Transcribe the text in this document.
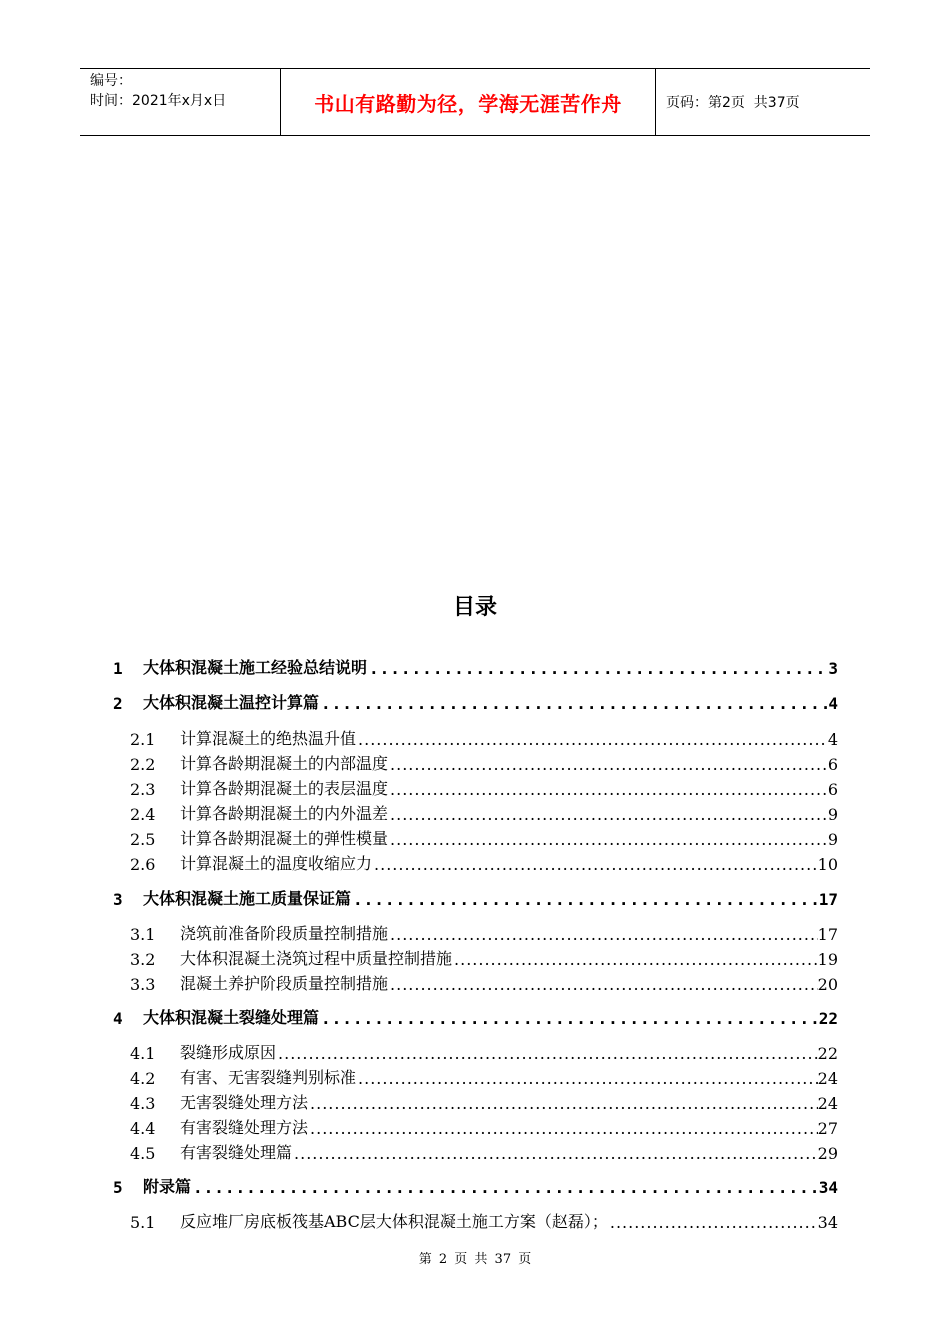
编号：
时间：2021年x月x日	书山有路勤为径，学海无涯苦作舟	页码：第2页  共37页
目录
1	大体积混凝土施工经验总结说明 .....	3
2	大体积混凝土温控计算篇 .....	4
2.1	计算混凝土的绝热温升值 .....	4
2.2	计算各龄期混凝土的内部温度 .....	6
2.3	计算各龄期混凝土的表层温度 .....	6
2.4	计算各龄期混凝土的内外温差 .....	9
2.5	计算各龄期混凝土的弹性模量 .....	9
2.6	计算混凝土的温度收缩应力 .....	10
3	大体积混凝土施工质量保证篇 .....	17
3.1	浇筑前准备阶段质量控制措施 .....	17
3.2	大体积混凝土浇筑过程中质量控制措施 .....	19
3.3	混凝土养护阶段质量控制措施 .....	20
4	大体积混凝土裂缝处理篇 .....	22
4.1	裂缝形成原因 .....	22
4.2	有害、无害裂缝判别标准 .....	24
4.3	无害裂缝处理方法 .....	24
4.4	有害裂缝处理方法 .....	27
4.5	有害裂缝处理篇 .....	29
5	附录篇 .....	34
5.1	反应堆厂房底板筏基ABC层大体积混凝土施工方案（赵磊）； .....	34
第 2 页 共 37 页
